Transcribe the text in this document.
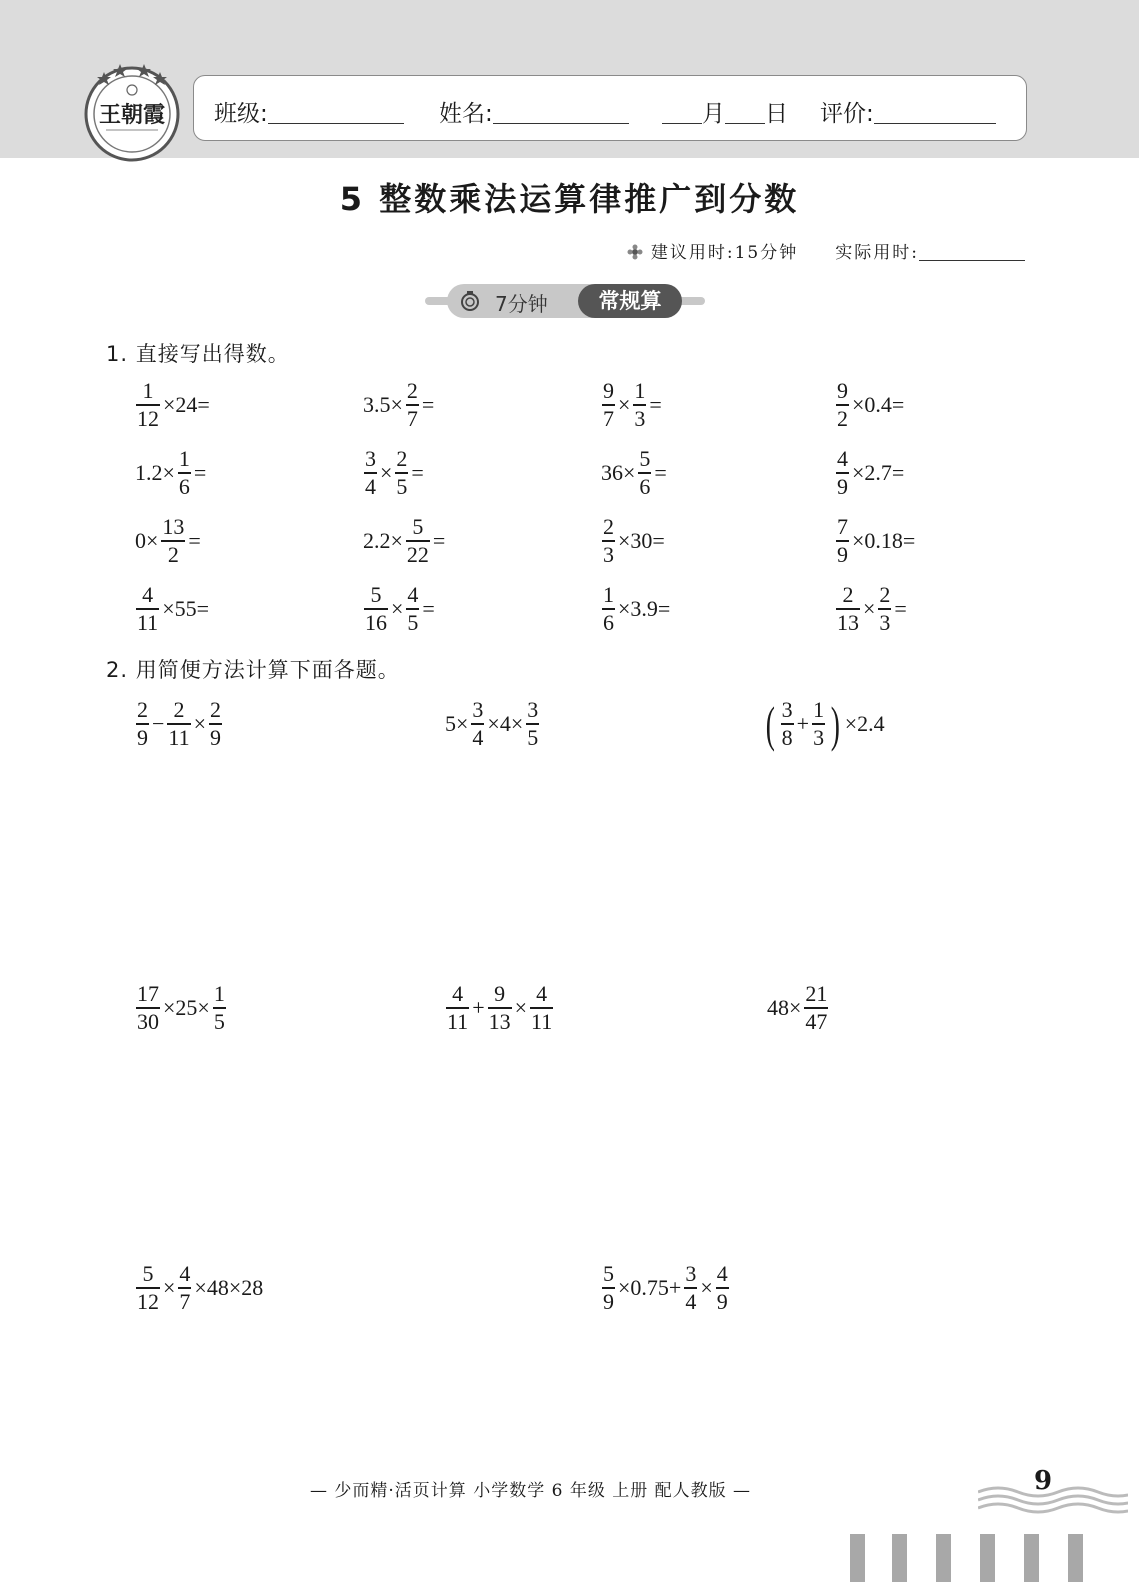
王朝霞 班级:	姓名:	月 日 评价:
5 整数乘法运算律推广到分数
建议用时:15分钟 实际用时:
7分钟	常规算
1. 直接写出得数。
$\frac{1}{12} \times 24=$	$3.5\times \frac{2}{7}$ =	$\frac{9}{7} \times \frac{1}{3}$ =	$\frac{9}{2} \times 0.4=$
$1.2\times \frac{1}{6}$ =	$\frac{3}{4} \times \frac{2}{5}$ =	$36\times \frac{5}{6}$ =	$\frac{4}{9} \times 2.7=$
$0\times \frac{13}{2}$ =	$2.2\times \frac{5}{22}$ =	$\frac{2}{3} \times 30=$	$\frac{7}{9} \times 0.18=$
$\frac{4}{11} \times 55=$	$\frac{5}{16} \times \frac{4}{5}$ =	$\frac{1}{6} \times 3.9=$	$\frac{2}{13} \times \frac{2}{3}$ =
2. 用简便方法计算下面各题。
$\frac{2}{9} - \frac{2}{11} \times \frac{2}{9}$	$5\times \frac{3}{4} \times 4\times \frac{3}{5}$	( $\frac{3}{8} + \frac{1}{3}$ ) ×2.4
$\frac{17}{30} \times 25\times \frac{1}{5}$	$\frac{4}{11} + \frac{9}{13} \times \frac{4}{11}$	$48\times \frac{21}{47}$
$\frac{5}{12} \times \frac{4}{7} \times 48\times 28$	$\frac{5}{9} \times 0.75+ \frac{3}{4} \times \frac{4}{9}$
9
— 少而精·活页计算 小学数学 6 年级 上册 配人教版 —
